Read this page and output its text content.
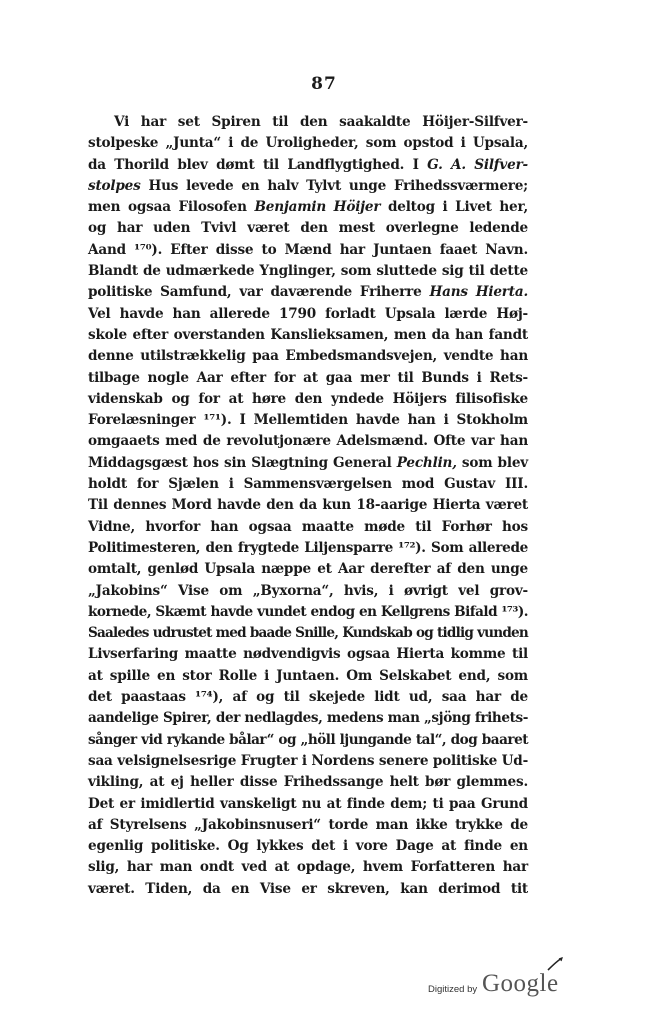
87
Vi har set Spiren til den saakaldte Höijer-Silfver-
stolpeske „Junta“ i de Uroligheder, som opstod i Upsala,
da Thorild blev dømt til Landflygtighed. I G. A. Silfver-
stolpes Hus levede en halv Tylvt unge Frihedssværmere;
men ogsaa Filosofen Benjamin Höijer deltog i Livet her,
og har uden Tvivl været den mest overlegne ledende
Aand ¹⁷⁰). Efter disse to Mænd har Juntaen faaet Navn.
Blandt de udmærkede Ynglinger, som sluttede sig til dette
politiske Samfund, var daværende Friherre Hans Hierta.
Vel havde han allerede 1790 forladt Upsala lærde Høj-
skole efter overstanden Kanslieksamen, men da han fandt
denne utilstrækkelig paa Embedsmandsvejen, vendte han
tilbage nogle Aar efter for at gaa mer til Bunds i Rets-
videnskab og for at høre den yndede Höijers filisofiske
Forelæsninger ¹⁷¹). I Mellemtiden havde han i Stokholm
omgaaets med de revolutjonære Adelsmænd. Ofte var han
Middagsgæst hos sin Slægtning General Pechlin, som blev
holdt for Sjælen i Sammensværgelsen mod Gustav III.
Til dennes Mord havde den da kun 18-aarige Hierta været
Vidne, hvorfor han ogsaa maatte møde til Forhør hos
Politimesteren, den frygtede Liljensparre ¹⁷²). Som allerede
omtalt, genlød Upsala næppe et Aar derefter af den unge
„Jakobins“ Vise om „Byxorna“, hvis, i øvrigt vel grov-
kornede, Skæmt havde vundet endog en Kellgrens Bifald ¹⁷³).
Saaledes udrustet med baade Snille, Kundskab og tidlig vunden
Livserfaring maatte nødvendigvis ogsaa Hierta komme til
at spille en stor Rolle i Juntaen. Om Selskabet end, som
det paastaas ¹⁷⁴), af og til skejede lidt ud, saa har de
aandelige Spirer, der nedlagdes, medens man „sjöng frihets-
sånger vid rykande bålar“ og „höll ljungande tal“, dog baaret
saa velsignelsesrige Frugter i Nordens senere politiske Ud-
vikling, at ej heller disse Frihedssange helt bør glemmes.
Det er imidlertid vanskeligt nu at finde dem; ti paa Grund
af Styrelsens „Jakobinsnuseri“ torde man ikke trykke de
egenlig politiske. Og lykkes det i vore Dage at finde en
slig, har man ondt ved at opdage, hvem Forfatteren har
været. Tiden, da en Vise er skreven, kan derimod tit
Digitized by Google
